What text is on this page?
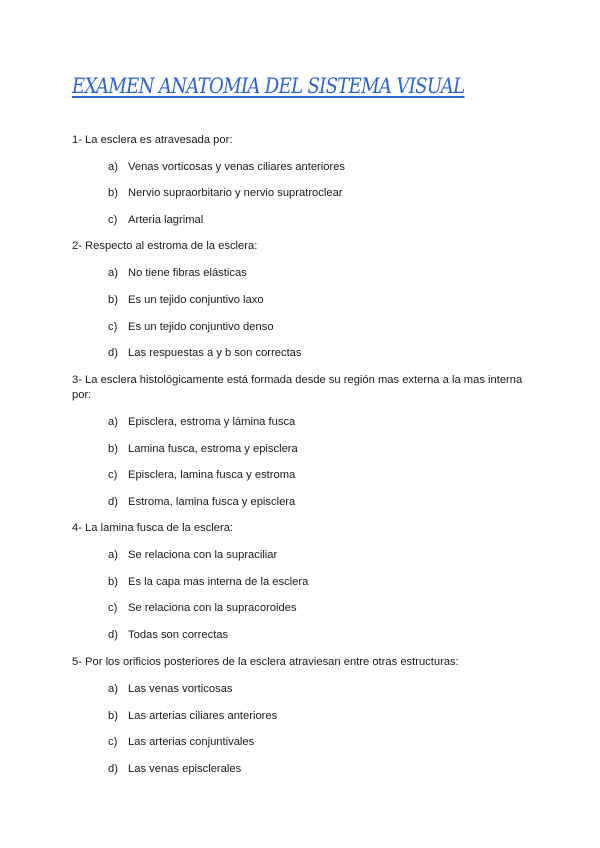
EXAMEN ANATOMIA DEL SISTEMA VISUAL
1- La esclera es atravesada por:
a) Venas vorticosas y venas ciliares anteriores
b) Nervio supraorbitario y nervio supratroclear
c) Arteria lagrimal
2- Respecto al estroma de la esclera:
a) No tiene fibras elásticas
b) Es un tejido conjuntivo laxo
c) Es un tejido conjuntivo denso
d) Las respuestas a y b son correctas
3- La esclera histológicamente está formada desde su región mas externa a la mas interna por:
a) Episclera, estroma y lámina fusca
b) Lamina fusca, estroma y episclera
c) Episclera, lamina fusca y estroma
d) Estroma, lamina fusca y episclera
4- La lamina fusca de la esclera:
a) Se relaciona con la supraciliar
b) Es la capa mas interna de la esclera
c) Se relaciona con la supracoroides
d) Todas son correctas
5- Por los orificios posteriores de la esclera atraviesan entre otras estructuras:
a) Las venas vorticosas
b) Las arterias ciliares anteriores
c) Las arterias conjuntivales
d) Las venas episclerales
